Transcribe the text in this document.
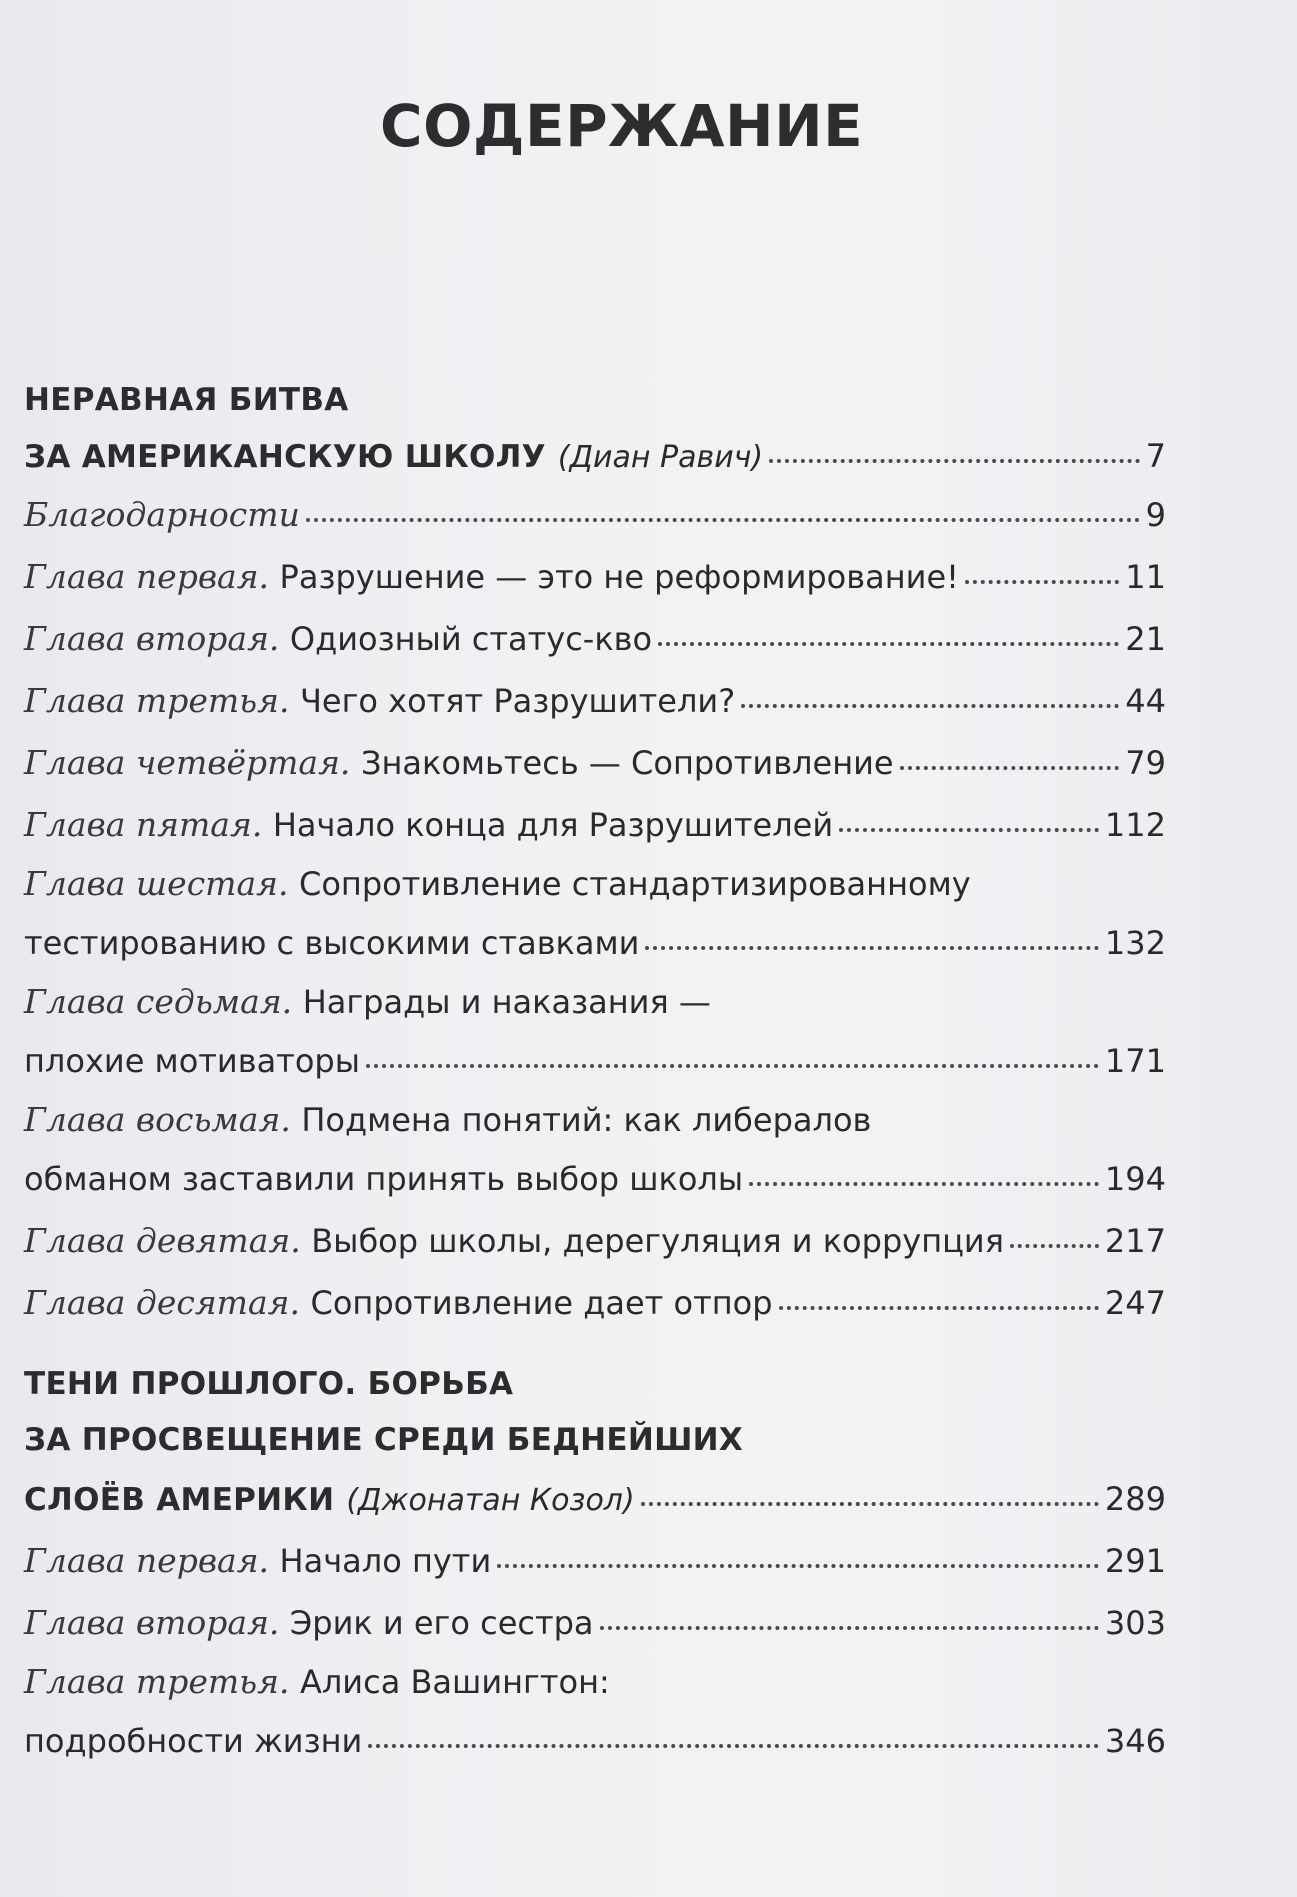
СОДЕРЖАНИЕ
НЕРАВНАЯ БИТВА
ЗА АМЕРИКАНСКУЮ ШКОЛУ (Диан Равич)	7
Благодарности	9
Глава первая. Разрушение — это не реформирование!	11
Глава вторая. Одиозный статус-кво	21
Глава третья. Чего хотят Разрушители?	44
Глава четвёртая. Знакомьтесь — Сопротивление	79
Глава пятая. Начало конца для Разрушителей	112
Глава шестая. Сопротивление стандартизированному
тестированию с высокими ставками	132
Глава седьмая. Награды и наказания —
плохие мотиваторы	171
Глава восьмая. Подмена понятий: как либералов
обманом заставили принять выбор школы	194
Глава девятая. Выбор школы, дерегуляция и коррупция	217
Глава десятая. Сопротивление дает отпор	247
ТЕНИ ПРОШЛОГО. БОРЬБА
ЗА ПРОСВЕЩЕНИЕ СРЕДИ БЕДНЕЙШИХ
СЛОЁВ АМЕРИКИ (Джонатан Козол)	289
Глава первая. Начало пути	291
Глава вторая. Эрик и его сестра	303
Глава третья. Алиса Вашингтон:
подробности жизни	346
